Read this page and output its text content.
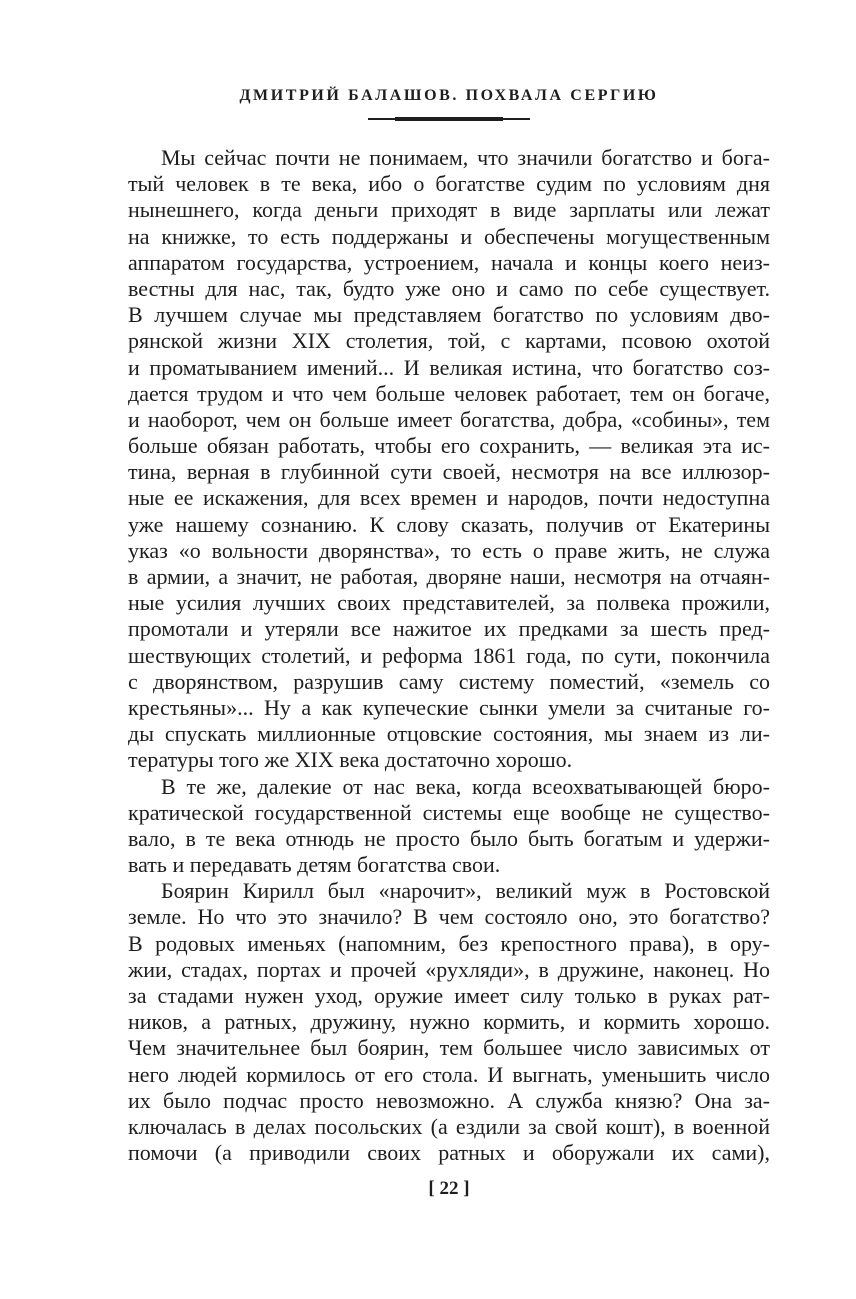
ДМИТРИЙ БАЛАШОВ. ПОХВАЛА СЕРГИЮ
Мы сейчас почти не понимаем, что значили богатство и бога-
тый человек в те века, ибо о богатстве судим по условиям дня
нынешнего, когда деньги приходят в виде зарплаты или лежат
на книжке, то есть поддержаны и обеспечены могущественным
аппаратом государства, устроением, начала и концы коего неиз-
вестны для нас, так, будто уже оно и само по себе существует.
В лучшем случае мы представляем богатство по условиям дво-
рянской жизни XIX столетия, той, с картами, псовою охотой
и проматыванием имений... И великая истина, что богатство соз-
дается трудом и что чем больше человек работает, тем он богаче,
и наоборот, чем он больше имеет богатства, добра, «собины», тем
больше обязан работать, чтобы его сохранить, — великая эта ис-
тина, верная в глубинной сути своей, несмотря на все иллюзор-
ные ее искажения, для всех времен и народов, почти недоступна
уже нашему сознанию. К слову сказать, получив от Екатерины
указ «о вольности дворянства», то есть о праве жить, не служа
в армии, а значит, не работая, дворяне наши, несмотря на отчаян-
ные усилия лучших своих представителей, за полвека прожили,
промотали и утеряли все нажитое их предками за шесть пред-
шествующих столетий, и реформа 1861 года, по сути, покончила
с дворянством, разрушив саму систему поместий, «земель со
крестьяны»... Ну а как купеческие сынки умели за считаные го-
ды спускать миллионные отцовские состояния, мы знаем из ли-
тературы того же XIX века достаточно хорошо.
В те же, далекие от нас века, когда всеохватывающей бюро-
кратической государственной системы еще вообще не существо-
вало, в те века отнюдь не просто было быть богатым и удержи-
вать и передавать детям богатства свои.
Боярин Кирилл был «нарочит», великий муж в Ростовской
земле. Но что это значило? В чем состояло оно, это богатство?
В родовых именьях (напомним, без крепостного права), в ору-
жии, стадах, портах и прочей «рухляди», в дружине, наконец. Но
за стадами нужен уход, оружие имеет силу только в руках рат-
ников, а ратных, дружину, нужно кормить, и кормить хорошо.
Чем значительнее был боярин, тем большее число зависимых от
него людей кормилось от его стола. И выгнать, уменьшить число
их было подчас просто невозможно. А служба князю? Она за-
ключалась в делах посольских (а ездили за свой кошт), в военной
помочи (а приводили своих ратных и оборужали их сами),
[ 22 ]
